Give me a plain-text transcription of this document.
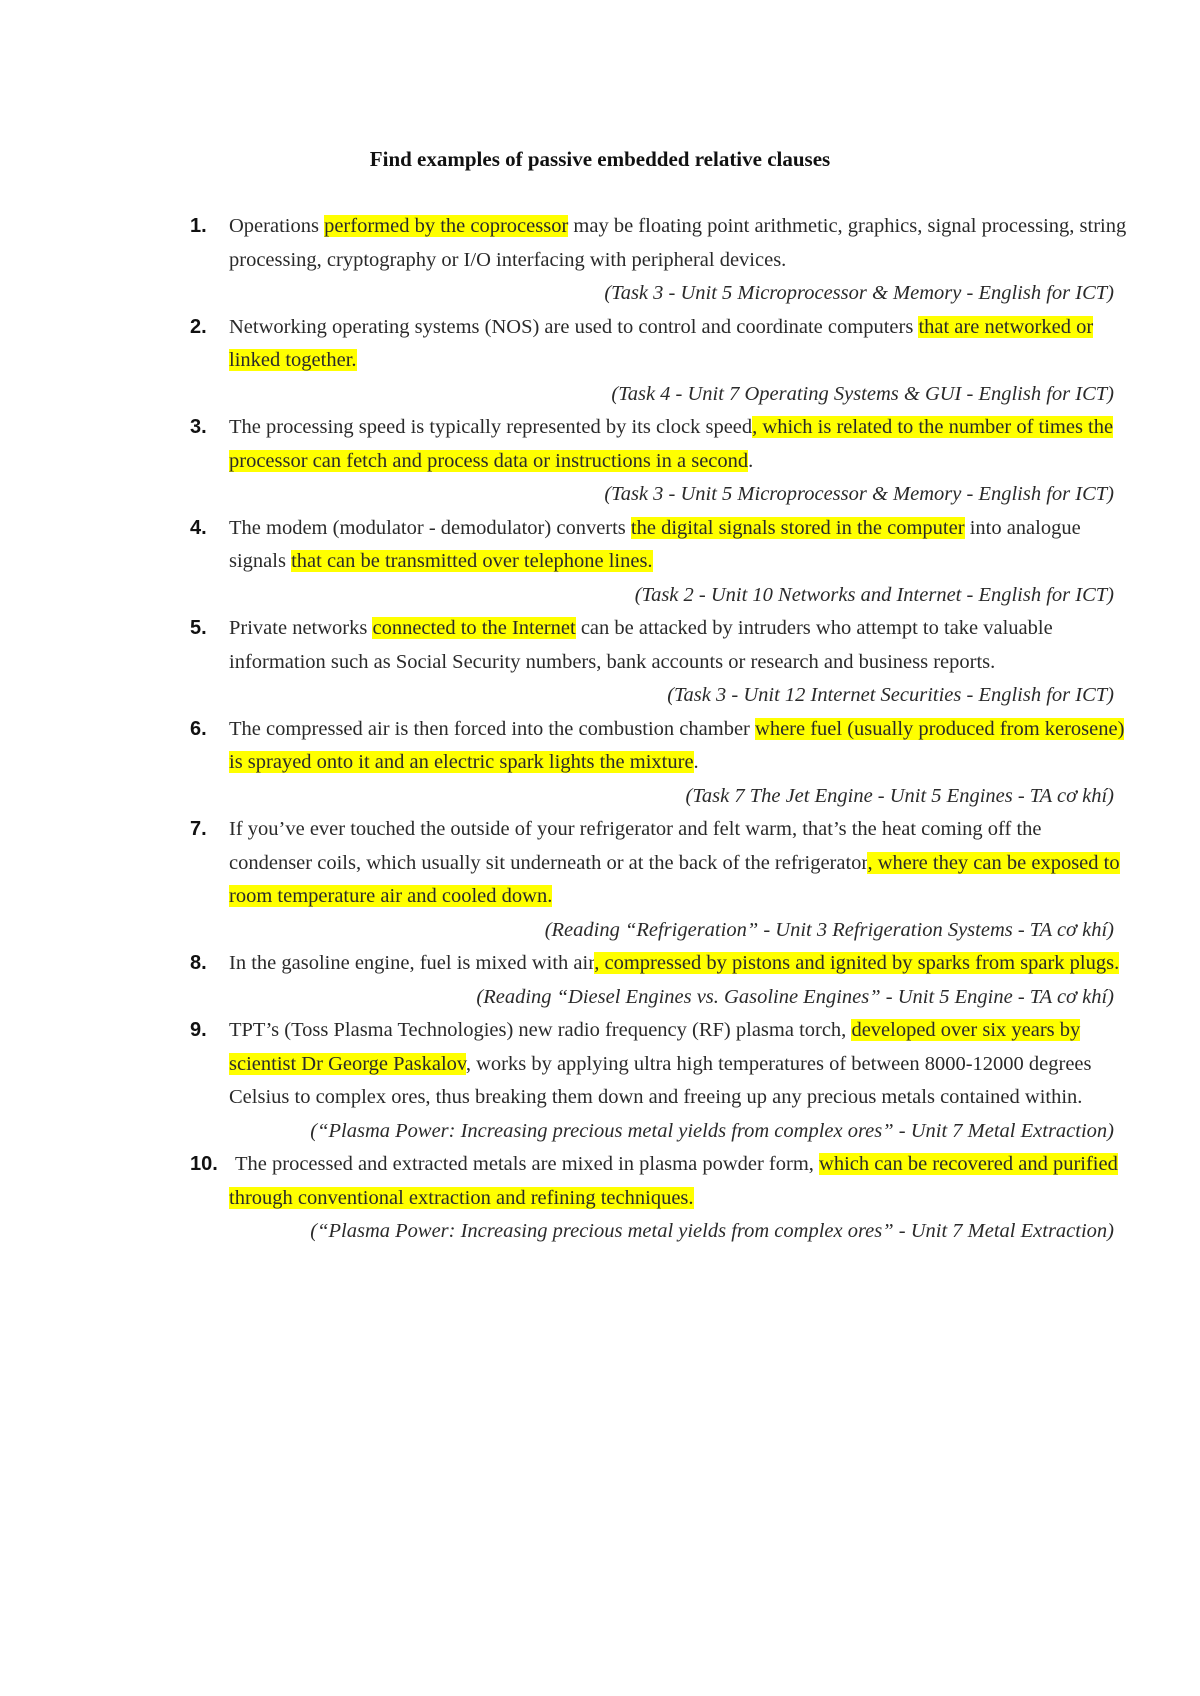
Find examples of passive embedded relative clauses
1.	Operations performed by the coprocessor may be floating point arithmetic, graphics, signal processing, string processing, cryptography or I/O interfacing with peripheral devices.
(Task 3 - Unit 5 Microprocessor & Memory - English for ICT)
2.	Networking operating systems (NOS) are used to control and coordinate computers that are networked or linked together.
(Task 4 - Unit 7 Operating Systems & GUI - English for ICT)
3.	The processing speed is typically represented by its clock speed, which is related to the number of times the processor can fetch and process data or instructions in a second.
(Task 3 - Unit 5 Microprocessor & Memory - English for ICT)
4.	The modem (modulator - demodulator) converts the digital signals stored in the computer into analogue signals that can be transmitted over telephone lines.
(Task 2 - Unit 10 Networks and Internet - English for ICT)
5.	Private networks connected to the Internet can be attacked by intruders who attempt to take valuable information such as Social Security numbers, bank accounts or research and business reports.
(Task 3 - Unit 12 Internet Securities - English for ICT)
6.	The compressed air is then forced into the combustion chamber where fuel (usually produced from kerosene) is sprayed onto it and an electric spark lights the mixture.
(Task 7 The Jet Engine - Unit 5 Engines - TA cơ khí)
7.	If you’ve ever touched the outside of your refrigerator and felt warm, that’s the heat coming off the condenser coils, which usually sit underneath or at the back of the refrigerator, where they can be exposed to room temperature air and cooled down.
(Reading “Refrigeration” - Unit 3 Refrigeration Systems - TA cơ khí)
8.	In the gasoline engine, fuel is mixed with air, compressed by pistons and ignited by sparks from spark plugs.
(Reading “Diesel Engines vs. Gasoline Engines” - Unit 5 Engine - TA cơ khí)
9.	TPT’s (Toss Plasma Technologies) new radio frequency (RF) plasma torch, developed over six years by scientist Dr George Paskalov, works by applying ultra high temperatures of between 8000-12000 degrees Celsius to complex ores, thus breaking them down and freeing up any precious metals contained within.
(“Plasma Power: Increasing precious metal yields from complex ores” - Unit 7 Metal Extraction)
10. The processed and extracted metals are mixed in plasma powder form, which can be recovered and purified through conventional extraction and refining techniques.
(“Plasma Power: Increasing precious metal yields from complex ores” - Unit 7 Metal Extraction)
